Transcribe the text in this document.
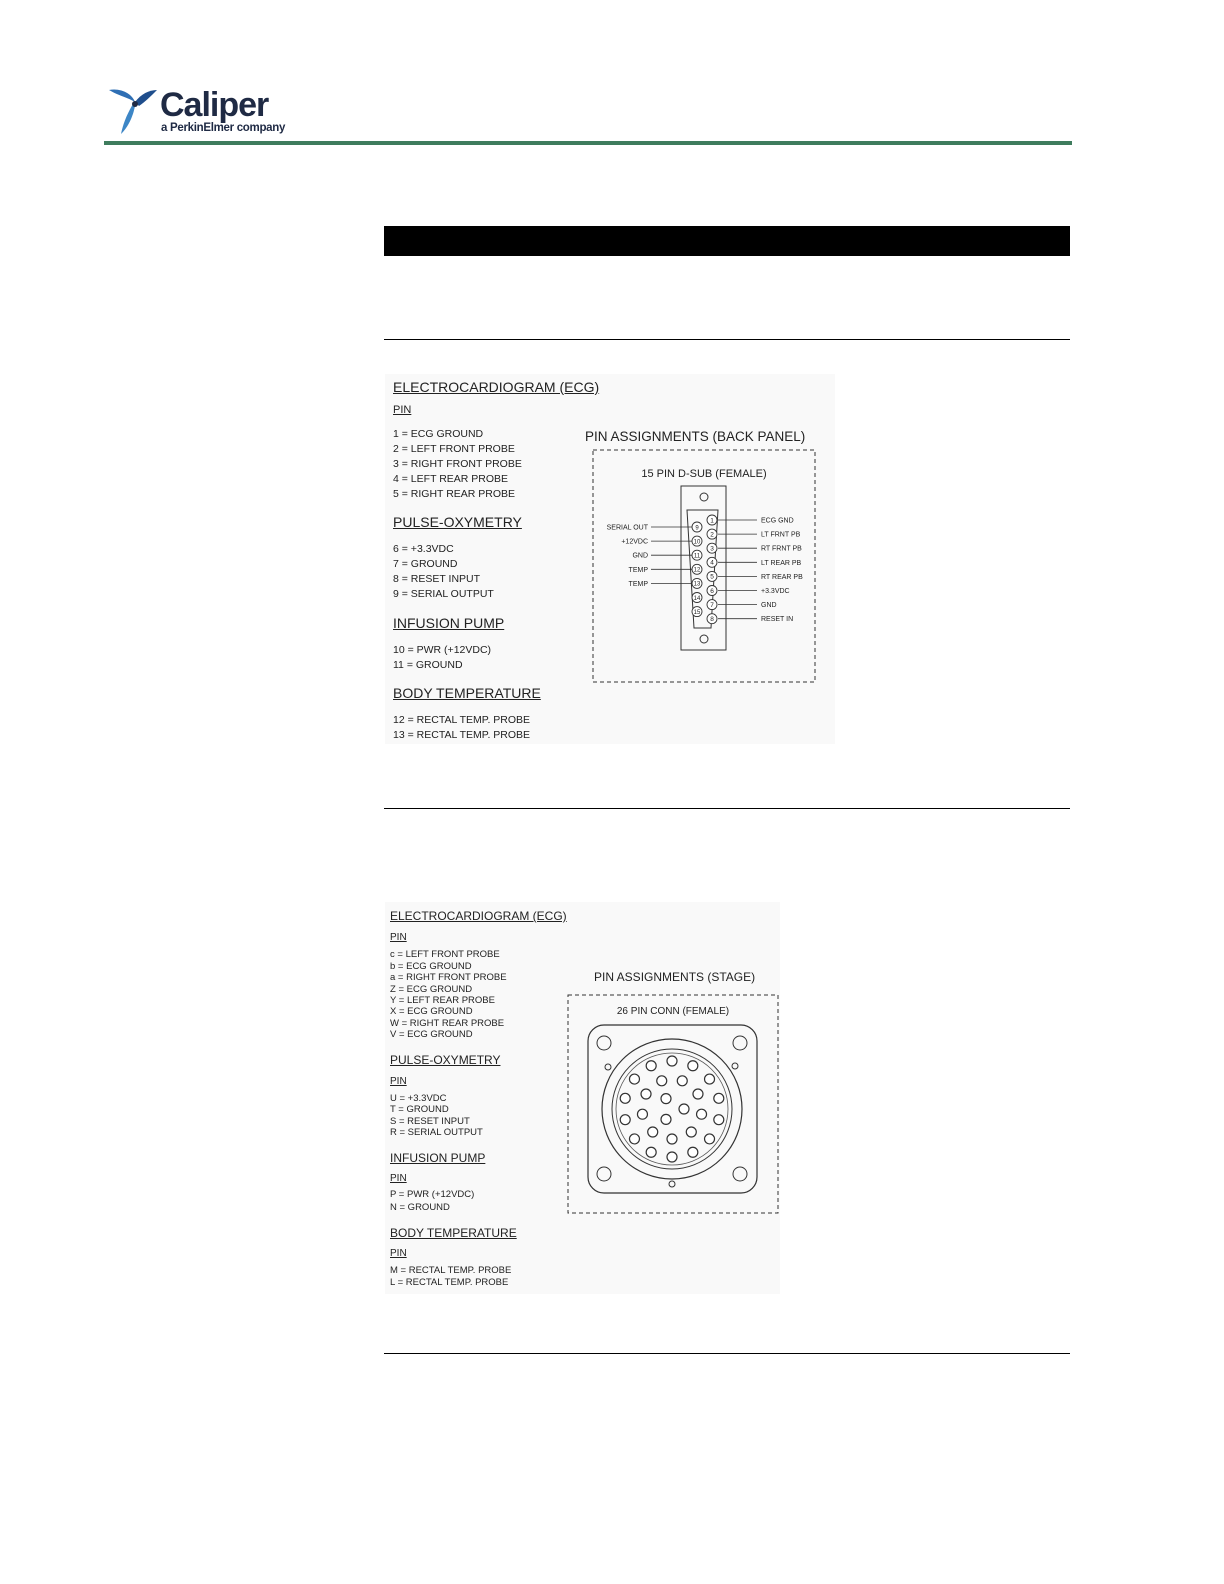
Caliper
a PerkinElmer company
ELECTROCARDIOGRAM (ECG)
PIN
1 = ECG GROUND
2 = LEFT FRONT PROBE
3 = RIGHT FRONT PROBE
4 = LEFT REAR PROBE
5 = RIGHT REAR PROBE
PULSE-OXYMETRY
6 = +3.3VDC
7 = GROUND
8 = RESET INPUT
9 = SERIAL OUTPUT
INFUSION PUMP
10 = PWR (+12VDC)
11 = GROUND
BODY TEMPERATURE
12 = RECTAL TEMP. PROBE
13 = RECTAL TEMP. PROBE
PIN ASSIGNMENTS (BACK PANEL)
15 PIN D-SUB (FEMALE)
1	ECG GND
2	LT FRNT PB
3	RT FRNT PB
4	LT REAR PB
5	RT REAR PB
6	+3.3VDC
7	GND
8	RESET IN
9
SERIAL OUT
10
+12VDC
11
GND
12
TEMP
13
TEMP
14
15
ELECTROCARDIOGRAM (ECG)
PIN
c = LEFT FRONT PROBE
b = ECG GROUND
a = RIGHT FRONT PROBE
Z = ECG GROUND
Y = LEFT REAR PROBE
X = ECG GROUND
W = RIGHT REAR PROBE
V = ECG GROUND
PULSE-OXYMETRY
PIN
U = +3.3VDC
T = GROUND
S = RESET INPUT
R = SERIAL OUTPUT
INFUSION PUMP
PIN
P = PWR (+12VDC)
N = GROUND
BODY TEMPERATURE
PIN
M = RECTAL TEMP. PROBE
L = RECTAL TEMP. PROBE
PIN ASSIGNMENTS (STAGE)
26 PIN CONN (FEMALE)
